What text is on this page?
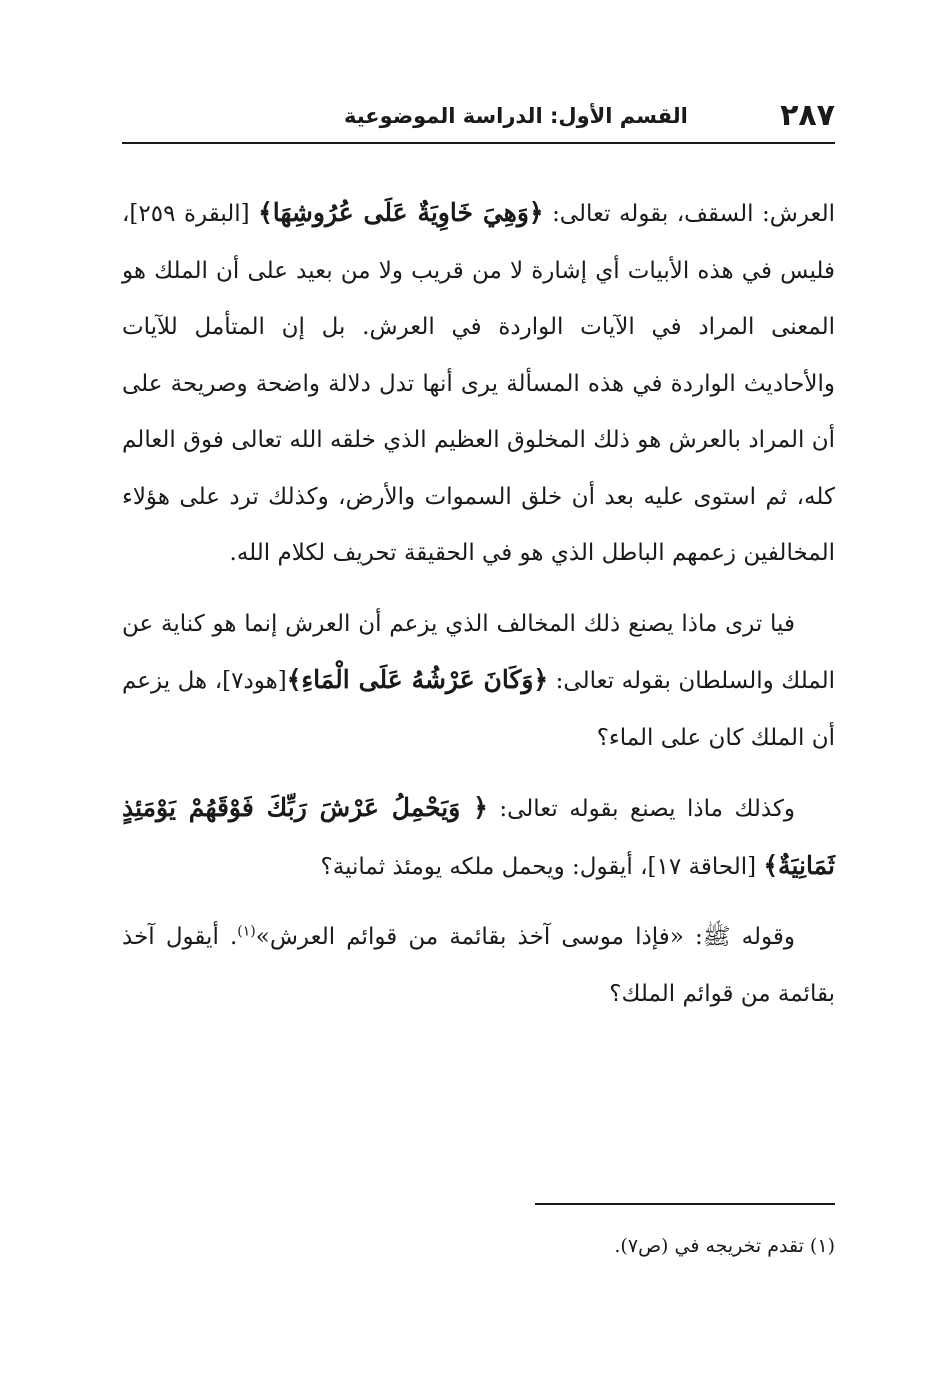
٢٨٧
القسم الأول: الدراسة الموضوعية

العرش: السقف، بقوله تعالى: ﴿وَهِيَ خَاوِيَةٌ عَلَى عُرُوشِهَا﴾ [البقرة ٢٥٩]، فليس في هذه الأبيات أي إشارة لا من قريب ولا من بعيد على أن الملك هو المعنى المراد في الآيات الواردة في العرش. بل إن المتأمل للآيات والأحاديث الواردة في هذه المسألة يرى أنها تدل دلالة واضحة وصريحة على أن المراد بالعرش هو ذلك المخلوق العظيم الذي خلقه الله تعالى فوق العالم كله، ثم استوى عليه بعد أن خلق السموات والأرض، وكذلك ترد على هؤلاء المخالفين زعمهم الباطل الذي هو في الحقيقة تحريف لكلام الله.

فيا ترى ماذا يصنع ذلك المخالف الذي يزعم أن العرش إنما هو كناية عن الملك والسلطان بقوله تعالى: ﴿وَكَانَ عَرْشُهُ عَلَى الْمَاءِ﴾[هود٧]، هل يزعم أن الملك كان على الماء؟

وكذلك ماذا يصنع بقوله تعالى: ﴿ وَيَحْمِلُ عَرْشَ رَبِّكَ فَوْقَهُمْ يَوْمَئِذٍ ثَمَانِيَةٌ﴾ [الحاقة ١٧]، أيقول: ويحمل ملكه يومئذ ثمانية؟

وقوله ﷺ: «فإذا موسى آخذ بقائمة من قوائم العرش»$^{(١)}$. أيقول آخذ بقائمة من قوائم الملك؟

(١) تقدم تخريجه في (ص٧).
